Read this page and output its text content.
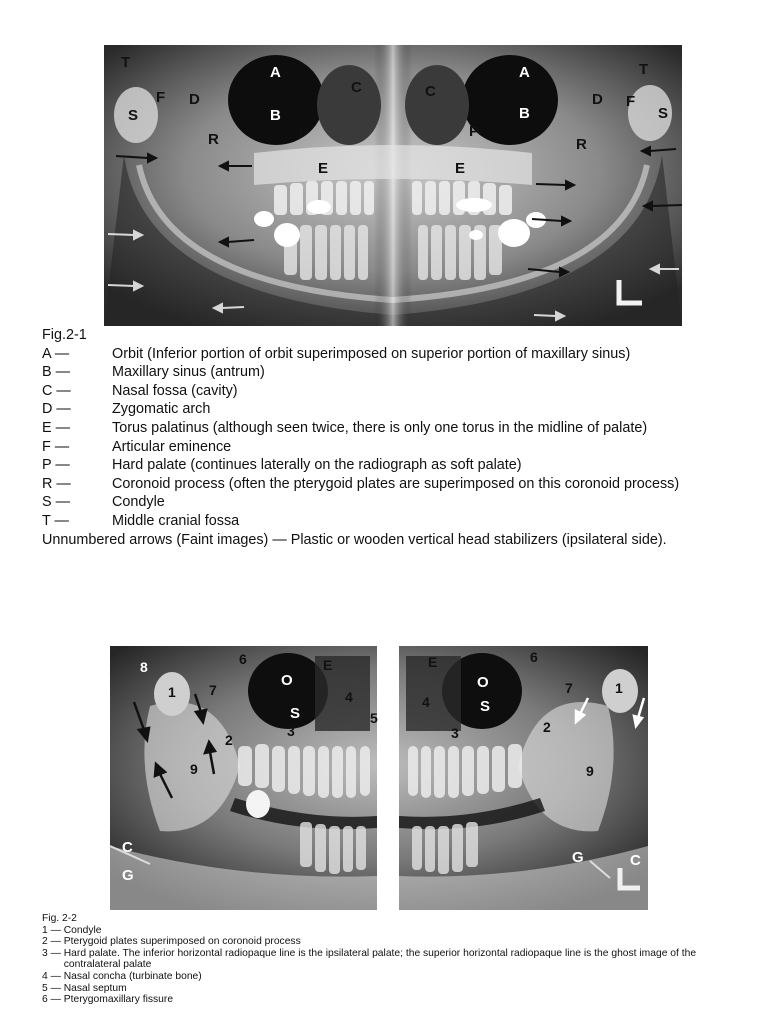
T
A
C	C
A	T
F D	D F
S	B	B	S
R	P	P
R
E	E
Fig.2-1
A —	Orbit (Inferior portion of orbit superimposed on superior portion of maxillary sinus)
B —	Maxillary sinus (antrum)
C —	Nasal fossa (cavity)
D —	Zygomatic arch
E —	Torus palatinus (although seen twice, there is only one torus in the midline of palate)
F —	Articular eminence
P —	Hard palate (continues laterally on the radiograph as soft palate)
R —	Coronoid process (often the pterygoid plates are superimposed on this coronoid process)
S —	Condyle
T —	Middle cranial fossa
Unnumbered arrows (Faint images) — Plastic or wooden vertical head stabilizers (ipsilateral side).
8	6	E	E	6
1 7
O
4	4
O	7	1
S	5
S
2
3	3	2
9	9
C
G
G	C
Fig. 2-2
1 — Condyle
2 — Pterygoid plates superimposed on coronoid process
3 — Hard palate. The inferior horizontal radiopaque line is the ipsilateral palate; the superior horizontal radiopaque line is the ghost image of the contralateral palate
4 — Nasal concha (turbinate bone)
5 — Nasal septum
6 — Pterygomaxillary fissure
